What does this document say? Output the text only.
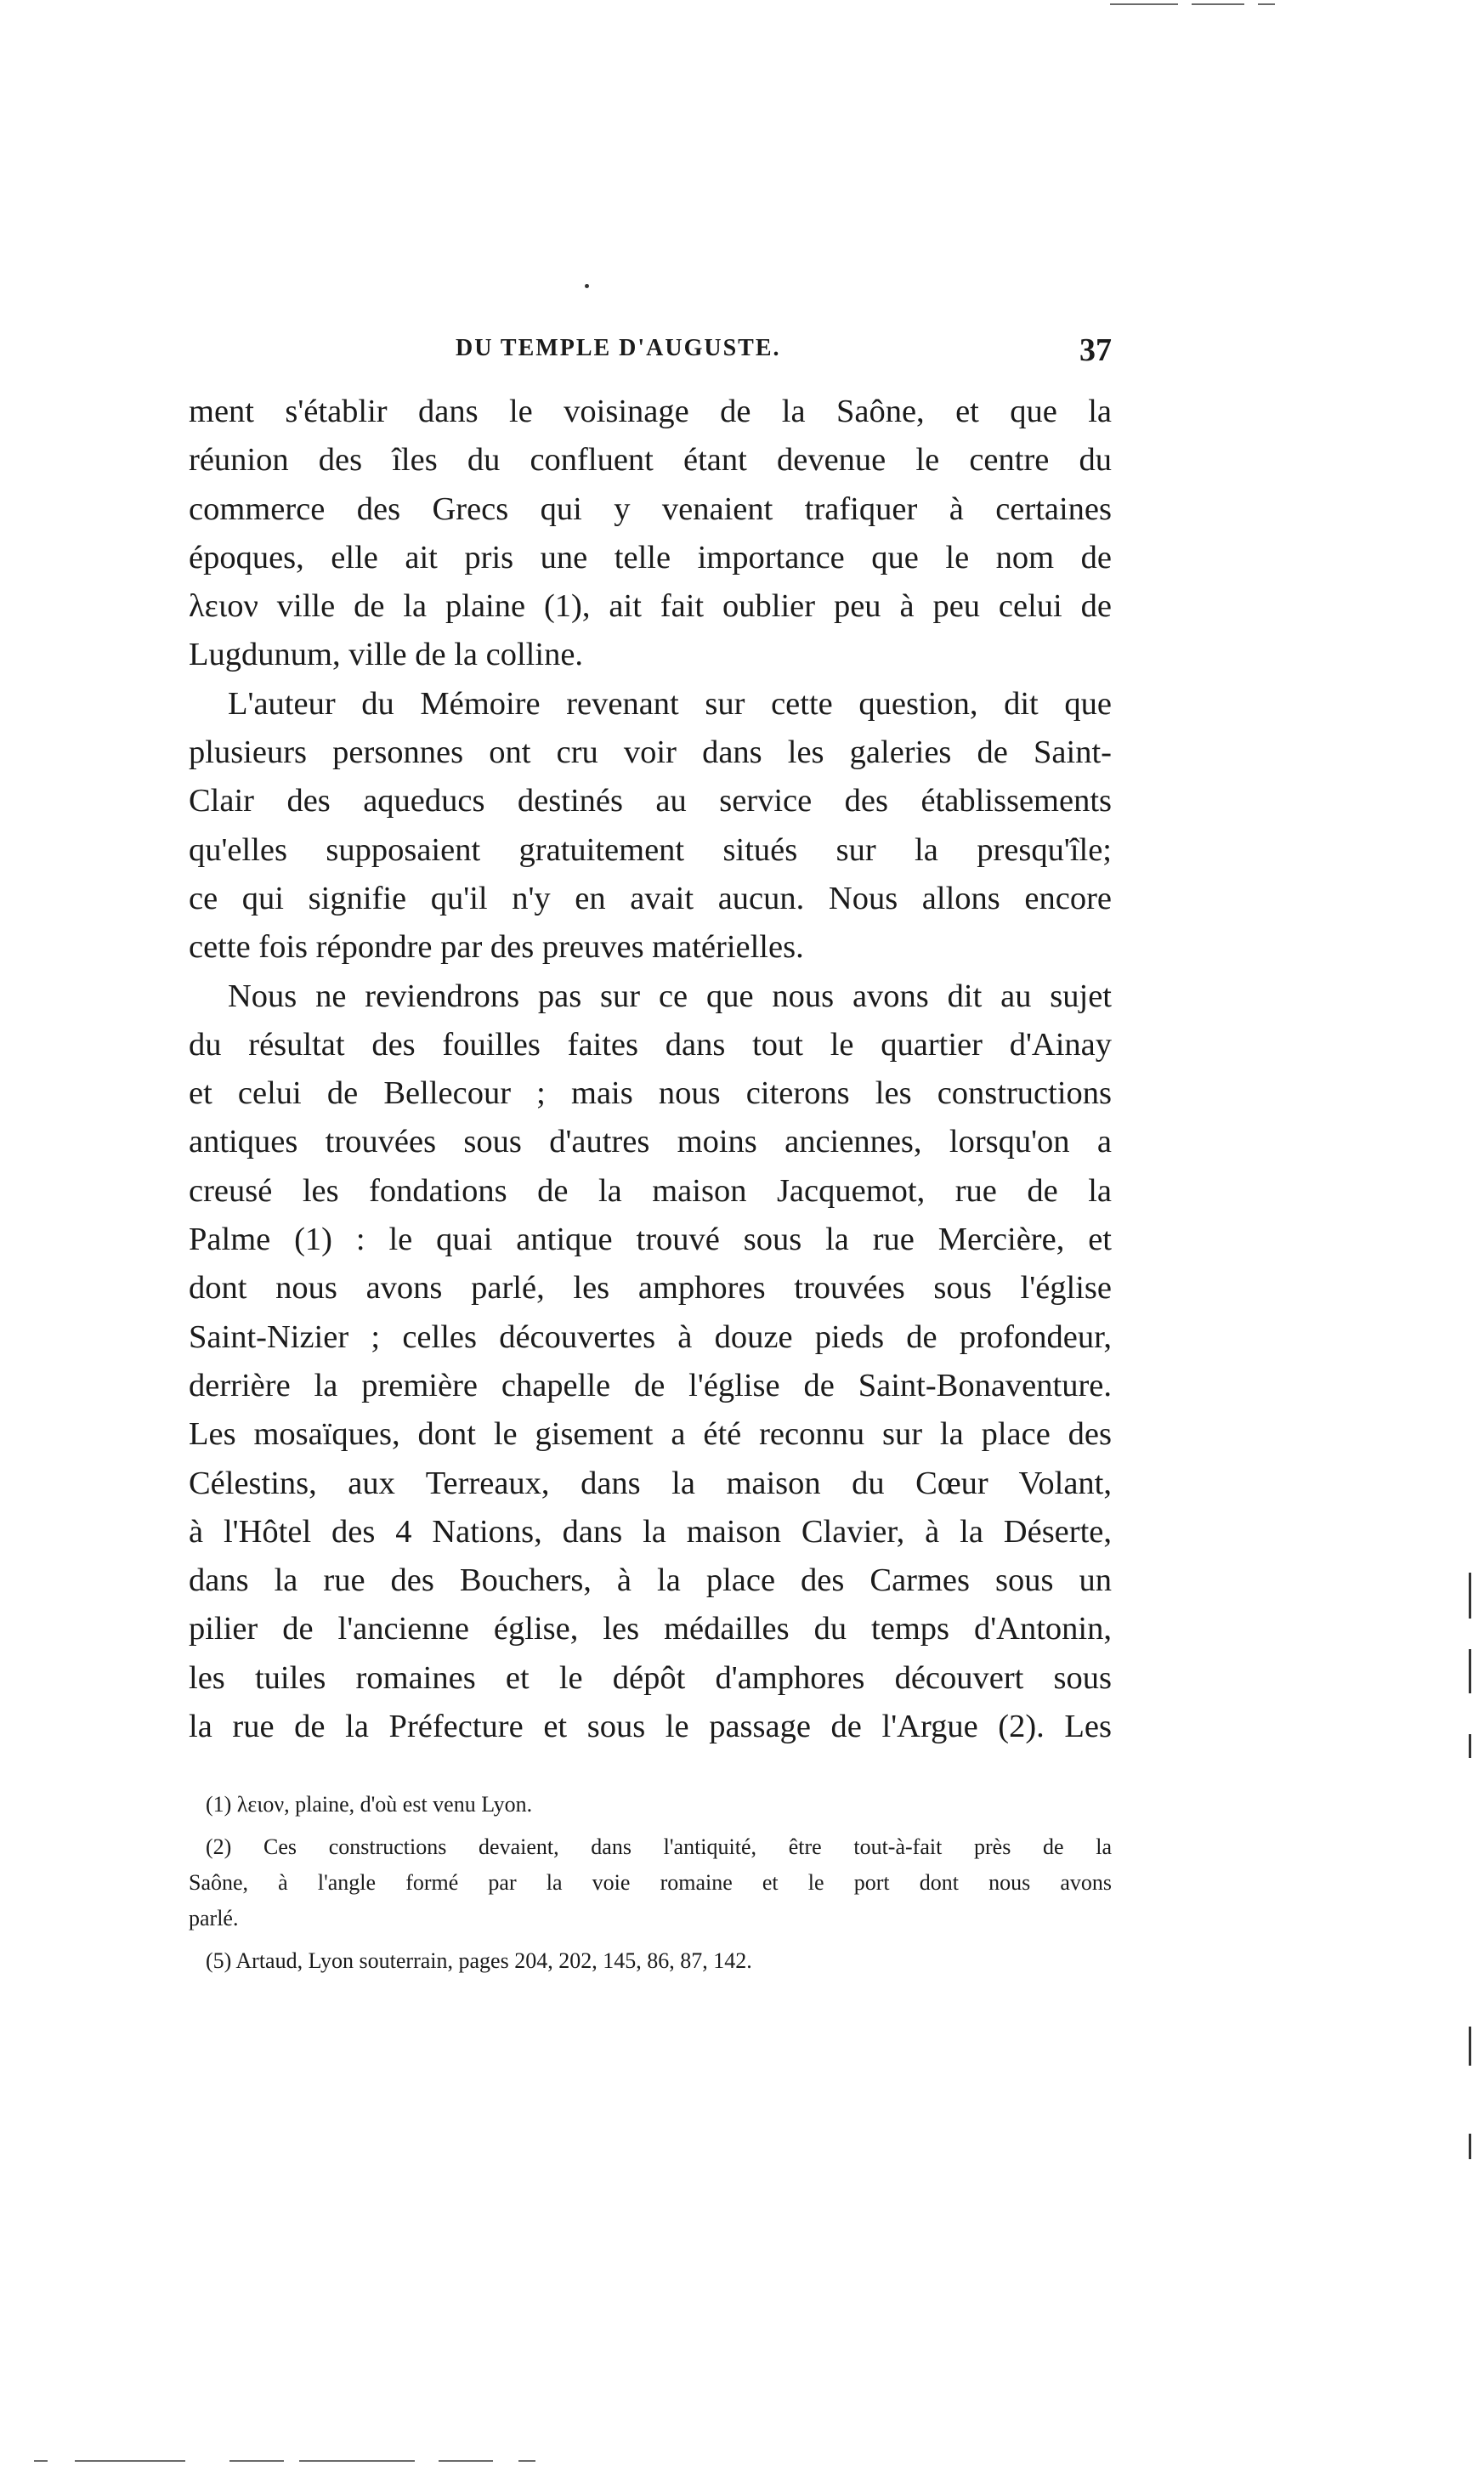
DU TEMPLE D'AUGUSTE.	37
ment s'établir dans le voisinage de la Saône, et que la
réunion des îles du confluent étant devenue le centre du
commerce des Grecs qui y venaient trafiquer à certaines
époques, elle ait pris une telle importance que le nom de
λειον ville de la plaine (1), ait fait oublier peu à peu celui de
Lugdunum, ville de la colline.
L'auteur du Mémoire revenant sur cette question, dit que
plusieurs personnes ont cru voir dans les galeries de Saint-
Clair des aqueducs destinés au service des établissements
qu'elles supposaient gratuitement situés sur la presqu'île;
ce qui signifie qu'il n'y en avait aucun. Nous allons encore
cette fois répondre par des preuves matérielles.
Nous ne reviendrons pas sur ce que nous avons dit au sujet
du résultat des fouilles faites dans tout le quartier d'Ainay
et celui de Bellecour ; mais nous citerons les constructions
antiques trouvées sous d'autres moins anciennes, lorsqu'on a
creusé les fondations de la maison Jacquemot, rue de la
Palme (1) : le quai antique trouvé sous la rue Mercière, et
dont nous avons parlé, les amphores trouvées sous l'église
Saint-Nizier ; celles découvertes à douze pieds de profondeur,
derrière la première chapelle de l'église de Saint-Bonaventure.
Les mosaïques, dont le gisement a été reconnu sur la place des
Célestins, aux Terreaux, dans la maison du Cœur Volant,
à l'Hôtel des 4 Nations, dans la maison Clavier, à la Déserte,
dans la rue des Bouchers, à la place des Carmes sous un
pilier de l'ancienne église, les médailles du temps d'Antonin,
les tuiles romaines et le dépôt d'amphores découvert sous
la rue de la Préfecture et sous le passage de l'Argue (2). Les
(1) λειον, plaine, d'où est venu Lyon.
(2) Ces constructions devaient, dans l'antiquité, être tout-à-fait près de la
Saône, à l'angle formé par la voie romaine et le port dont nous avons
parlé.
(5) Artaud, Lyon souterrain, pages 204, 202, 145, 86, 87, 142.
